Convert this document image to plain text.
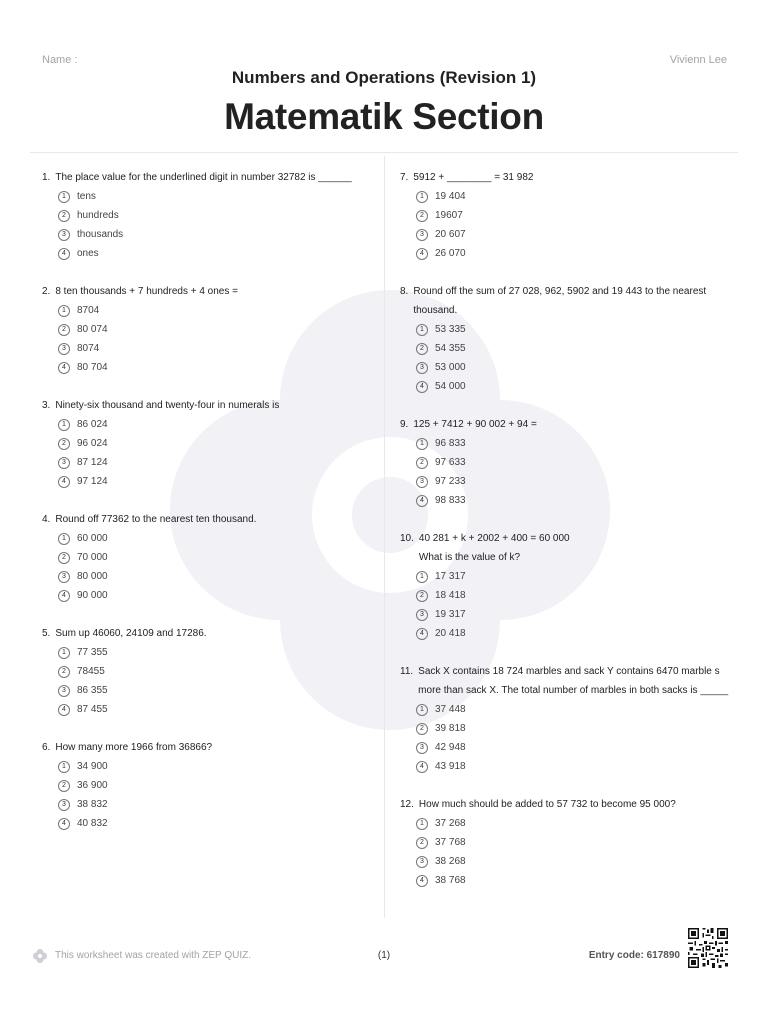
Name :	Vivienn Lee
Numbers and Operations (Revision 1)
Matematik Section
1. The place value for the underlined digit in number 32782 is ______
1	tens
2	hundreds
3	thousands
4	ones
2. 8 ten thousands + 7 hundreds + 4 ones =
1	8704
2	80 074
3	8074
4	80 704
3. Ninety-six thousand and twenty-four in numerals is
1	86 024
2	96 024
3	87 124
4	97 124
4. Round off 77362 to the nearest ten thousand.
1	60 000
2	70 000
3	80 000
4	90 000
5. Sum up 46060, 24109 and 17286.
1	77 355
2	78455
3	86 355
4	87 455
6. How many more 1966 from 36866?
1	34 900
2	36 900
3	38 832
4	40 832
7. 5912 + ________ = 31 982
1	19 404
2	19607
3	20 607
4	26 070
8. Round off the sum of 27 028, 962, 5902 and 19 443 to the nearest thousand.
1	53 335
2	54 355
3	53 000
4	54 000
9. 125 + 7412 + 90 002 + 94 =
1	96 833
2	97 633
3	97 233
4	98 833
10. 40 281 + k + 2002 + 400 = 60 000
What is the value of k?
1	17 317
2	18 418
3	19 317
4	20 418
11. Sack X contains 18 724 marbles and sack Y contains 6470 marble s more than sack X. The total number of marbles in both sacks is _____
1	37 448
2	39 818
3	42 948
4	43 918
12. How much should be added to 57 732 to become 95 000?
1	37 268
2	37 768
3	38 268
4	38 768
This worksheet was created with ZEP QUIZ.	(1)	Entry code: 617890
